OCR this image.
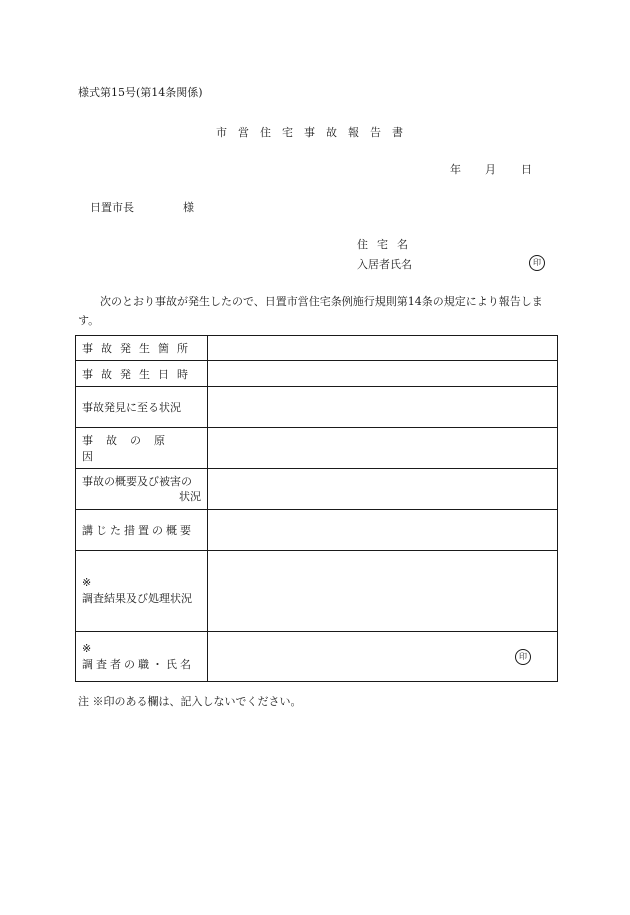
様式第15号(第14条関係)
市営住宅事故報告書
年 月 日
日置市長	様
住宅名
入居者氏名	印
次のとおり事故が発生したので、日置市営住宅条例施行規則第14条の規定により報告します。
事故発生箇所	
事故発生日時	
事故発見に至る状況	
事故の原因	

事故の概要及び被害の
状況	

講じた措置の概要	

※
調査結果及び処理状況	

※
調査者の職・氏名	印
注 ※印のある欄は、記入しないでください。
